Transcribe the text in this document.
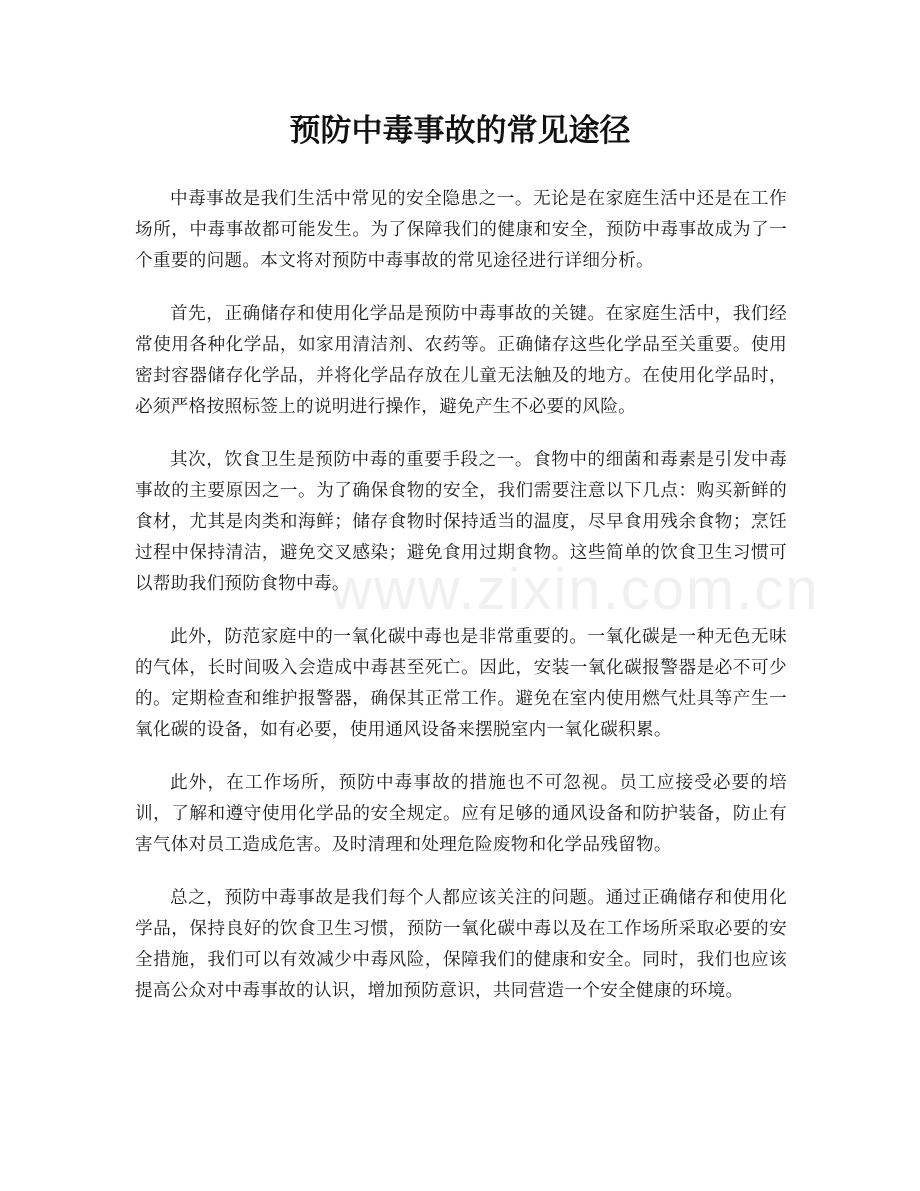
预防中毒事故的常见途径

中毒事故是我们生活中常见的安全隐患之一。无论是在家庭生活中还是在工作场所，中毒事故都可能发生。为了保障我们的健康和安全，预防中毒事故成为了一个重要的问题。本文将对预防中毒事故的常见途径进行详细分析。

首先，正确储存和使用化学品是预防中毒事故的关键。在家庭生活中，我们经常使用各种化学品，如家用清洁剂、农药等。正确储存这些化学品至关重要。使用密封容器储存化学品，并将化学品存放在儿童无法触及的地方。在使用化学品时，必须严格按照标签上的说明进行操作，避免产生不必要的风险。

其次，饮食卫生是预防中毒的重要手段之一。食物中的细菌和毒素是引发中毒事故的主要原因之一。为了确保食物的安全，我们需要注意以下几点：购买新鲜的食材，尤其是肉类和海鲜；储存食物时保持适当的温度，尽早食用残余食物；烹饪过程中保持清洁，避免交叉感染；避免食用过期食物。这些简单的饮食卫生习惯可以帮助我们预防食物中毒。

此外，防范家庭中的一氧化碳中毒也是非常重要的。一氧化碳是一种无色无味的气体，长时间吸入会造成中毒甚至死亡。因此，安装一氧化碳报警器是必不可少的。定期检查和维护报警器，确保其正常工作。避免在室内使用燃气灶具等产生一氧化碳的设备，如有必要，使用通风设备来摆脱室内一氧化碳积累。

此外，在工作场所，预防中毒事故的措施也不可忽视。员工应接受必要的培训，了解和遵守使用化学品的安全规定。应有足够的通风设备和防护装备，防止有害气体对员工造成危害。及时清理和处理危险废物和化学品残留物。

总之，预防中毒事故是我们每个人都应该关注的问题。通过正确储存和使用化学品，保持良好的饮食卫生习惯，预防一氧化碳中毒以及在工作场所采取必要的安全措施，我们可以有效减少中毒风险，保障我们的健康和安全。同时，我们也应该提高公众对中毒事故的认识，增加预防意识，共同营造一个安全健康的环境。

www.zixin.com.cn
